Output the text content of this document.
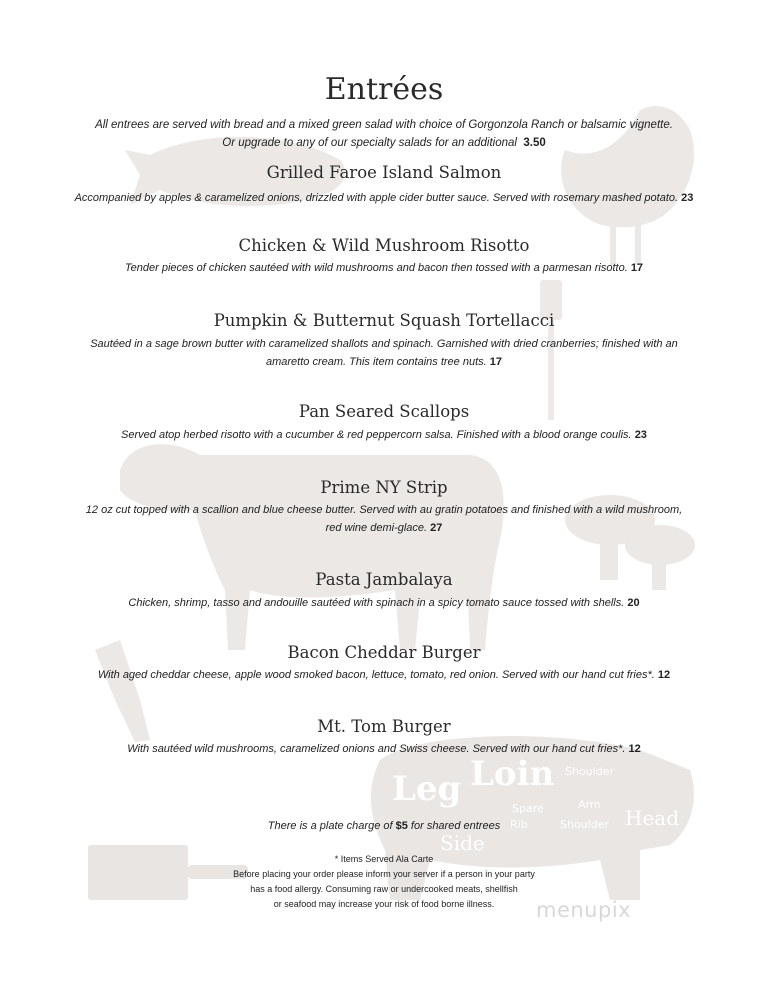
Leg Loin Shoulder
Spare
Rib
Arm
Shoulder Head
Side
Entrées
All entrees are served with bread and a mixed green salad with choice of Gorgonzola Ranch or balsamic vignette.
Or upgrade to any of our specialty salads for an additional 3.50
Grilled Faroe Island Salmon
Accompanied by apples & caramelized onions, drizzled with apple cider butter sauce. Served with rosemary mashed potato. 23
Chicken & Wild Mushroom Risotto
Tender pieces of chicken sautéed with wild mushrooms and bacon then tossed with a parmesan risotto. 17
Pumpkin & Butternut Squash Tortellacci
Sautéed in a sage brown butter with caramelized shallots and spinach. Garnished with dried cranberries; finished with an
amaretto cream. This item contains tree nuts. 17
Pan Seared Scallops
Served atop herbed risotto with a cucumber & red peppercorn salsa. Finished with a blood orange coulis. 23
Prime NY Strip
12 oz cut topped with a scallion and blue cheese butter. Served with au gratin potatoes and finished with a wild mushroom,
red wine demi-glace. 27
Pasta Jambalaya
Chicken, shrimp, tasso and andouille sautéed with spinach in a spicy tomato sauce tossed with shells. 20
Bacon Cheddar Burger
With aged cheddar cheese, apple wood smoked bacon, lettuce, tomato, red onion. Served with our hand cut fries*. 12
Mt. Tom Burger
With sautéed wild mushrooms, caramelized onions and Swiss cheese. Served with our hand cut fries*. 12
There is a plate charge of $5 for shared entrees
* Items Served Ala Carte
Before placing your order please inform your server if a person in your party
has a food allergy. Consuming raw or undercooked meats, shellfish
or seafood may increase your risk of food borne illness.	menupix
